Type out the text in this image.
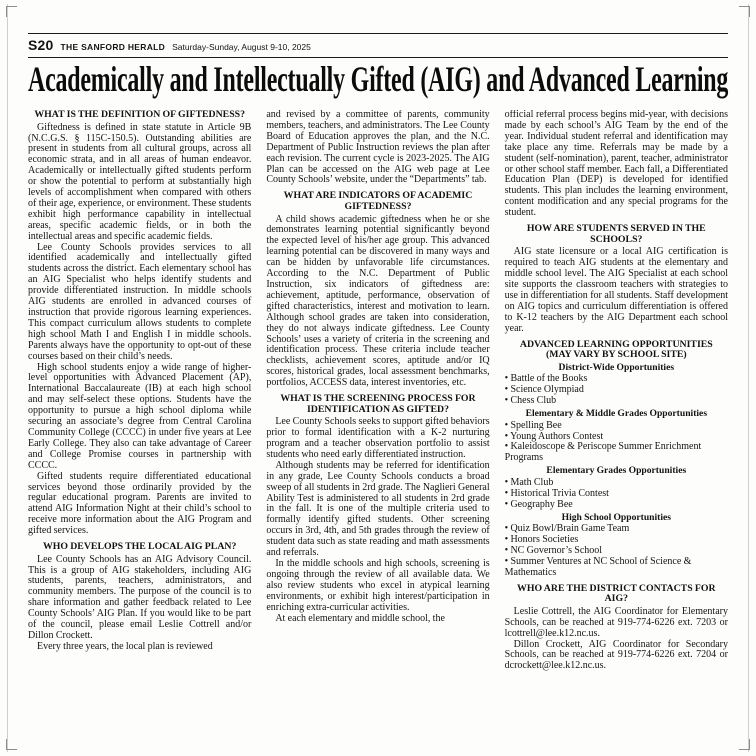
S20 THE SANFORD HERALD Saturday-Sunday, August 9-10, 2025
Academically and Intellectually Gifted (AIG) and Advanced Learning

WHAT IS THE DEFINITION OF GIFTEDNESS?

Giftedness is defined in state statute in Article 9B (N.C.G.S. § 115C-150.5). Outstanding abilities are present in students from all cultural groups, across all economic strata, and in all areas of human endeavor. Academically or intellectually gifted students perform or show the potential to perform at substantially high levels of accomplishment when compared with others of their age, experience, or environment. These students exhibit high performance capability in intellectual areas, specific academic fields, or in both the intellectual areas and specific academic fields.

Lee County Schools provides services to all identified academically and intellectually gifted students across the district. Each elementary school has an AIG Specialist who helps identify students and provide differentiated instruction. In middle schools AIG students are enrolled in advanced courses of instruction that provide rigorous learning experiences. This compact curriculum allows students to complete high school Math I and English I in middle schools. Parents always have the opportunity to opt-out of these courses based on their child’s needs.

High school students enjoy a wide range of higher-level opportunities with Advanced Placement (AP), International Baccalaureate (IB) at each high school and may self-select these options. Students have the opportunity to pursue a high school diploma while securing an associate’s degree from Central Carolina Community College (CCCC) in under five years at Lee Early College. They also can take advantage of Career and College Promise courses in partnership with CCCC.

Gifted students require differentiated educational services beyond those ordinarily provided by the regular educational program. Parents are invited to attend AIG Information Night at their child’s school to receive more information about the AIG Program and gifted services.

WHO DEVELOPS THE LOCAL AIG PLAN?

Lee County Schools has an AIG Advisory Council. This is a group of AIG stakeholders, including AIG students, parents, teachers, administrators, and community members. The purpose of the council is to share information and gather feedback related to Lee County Schools’ AIG Plan. If you would like to be part of the council, please email Leslie Cottrell and/or Dillon Crockett.

Every three years, the local plan is reviewed

and revised by a committee of parents, community members, teachers, and administrators. The Lee County Board of Education approves the plan, and the N.C. Department of Public Instruction reviews the plan after each revision. The current cycle is 2023-2025. The AIG Plan can be accessed on the AIG web page at Lee County Schools’ website, under the “Departments” tab.

WHAT ARE INDICATORS OF ACADEMIC GIFTEDNESS?

A child shows academic giftedness when he or she demonstrates learning potential significantly beyond the expected level of his/her age group. This advanced learning potential can be discovered in many ways and can be hidden by unfavorable life circumstances. According to the N.C. Department of Public Instruction, six indicators of giftedness are: achievement, aptitude, performance, observation of gifted characteristics, interest and motivation to learn. Although school grades are taken into consideration, they do not always indicate giftedness. Lee County Schools’ uses a variety of criteria in the screening and identification process. These criteria include teacher checklists, achievement scores, aptitude and/or IQ scores, historical grades, local assessment benchmarks, portfolios, ACCESS data, interest inventories, etc.

WHAT IS THE SCREENING PROCESS FOR IDENTIFICATION AS GIFTED?

Lee County Schools seeks to support gifted behaviors prior to formal identification with a K-2 nurturing program and a teacher observation portfolio to assist students who need early differentiated instruction.

Although students may be referred for identification in any grade, Lee County Schools conducts a broad sweep of all students in 2rd grade. The Naglieri General Ability Test is administered to all students in 2rd grade in the fall. It is one of the multiple criteria used to formally identify gifted students. Other screening occurs in 3rd, 4th, and 5th grades through the review of student data such as state reading and math assessments and referrals.

In the middle schools and high schools, screening is ongoing through the review of all available data. We also review students who excel in atypical learning environments, or exhibit high interest/participation in enriching extra-curricular activities.

At each elementary and middle school, the

official referral process begins mid-year, with decisions made by each school’s AIG Team by the end of the year. Individual student referral and identification may take place any time. Referrals may be made by a student (self-nomination), parent, teacher, administrator or other school staff member. Each fall, a Differentiated Education Plan (DEP) is developed for identified students. This plan includes the learning environment, content modification and any special programs for the student.

HOW ARE STUDENTS SERVED IN THE SCHOOLS?

AIG state licensure or a local AIG certification is required to teach AIG students at the elementary and middle school level. The AIG Specialist at each school site supports the classroom teachers with strategies to use in differentiation for all students. Staff development on AIG topics and curriculum differentiation is offered to K-12 teachers by the AIG Department each school year.

ADVANCED LEARNING OPPORTUNITIES (MAY VARY BY SCHOOL SITE)

District-Wide Opportunities

• Battle of the Books

• Science Olympiad

• Chess Club

Elementary & Middle Grades Opportunities

• Spelling Bee

• Young Authors Contest

• Kaleidoscope & Periscope Summer Enrichment Programs

Elementary Grades Opportunities

• Math Club

• Historical Trivia Contest

• Geography Bee

High School Opportunities

• Quiz Bowl/Brain Game Team

• Honors Societies

• NC Governor’s School

• Summer Ventures at NC School of Science & Mathematics

WHO ARE THE DISTRICT CONTACTS FOR AIG?

Leslie Cottrell, the AIG Coordinator for Elementary Schools, can be reached at 919-774-6226 ext. 7203 or lcottrell@lee.k12.nc.us.

Dillon Crockett, AIG Coordinator for Secondary Schools, can be reached at 919-774-6226 ext. 7204 or dcrockett@lee.k12.nc.us.
